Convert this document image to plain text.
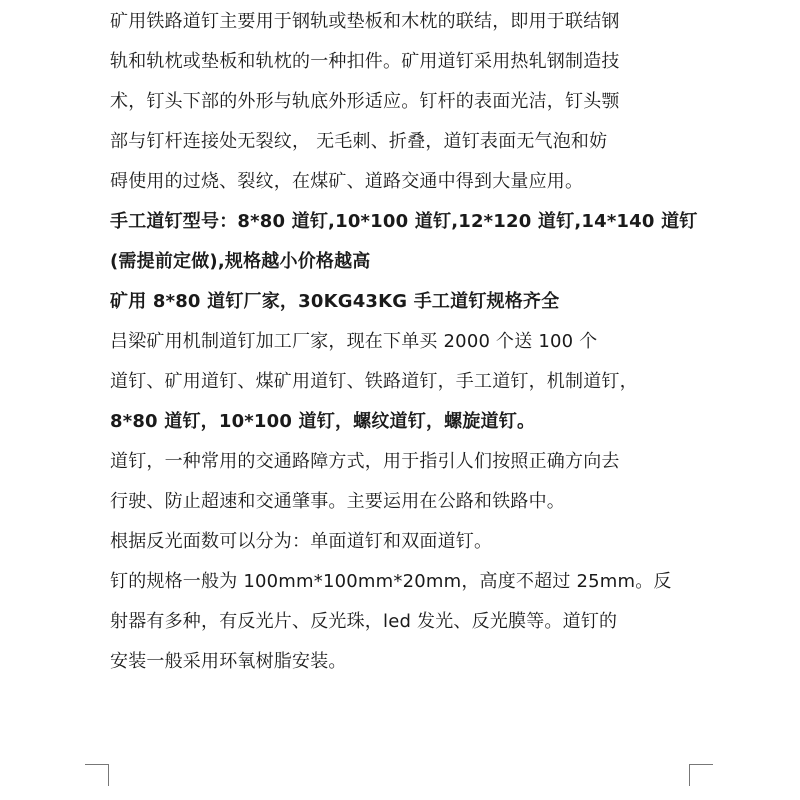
矿用铁路道钉主要用于钢轨或垫板和木枕的联结，即用于联结钢
轨和轨枕或垫板和轨枕的一种扣件。矿用道钉采用热轧钢制造技
术，钉头下部的外形与轨底外形适应。钉杆的表面光洁，钉头颚
部与钉杆连接处无裂纹， 无毛刺、折叠，道钉表面无气泡和妨
碍使用的过烧、裂纹，在煤矿、道路交通中得到大量应用。
手工道钉型号：8*80 道钉,10*100 道钉,12*120 道钉,14*140 道钉
(需提前定做),规格越小价格越高
矿用 8*80 道钉厂家，30KG43KG 手工道钉规格齐全
吕梁矿用机制道钉加工厂家，现在下单买 2000 个送 100 个
道钉、矿用道钉、煤矿用道钉、铁路道钉，手工道钉，机制道钉，
8*80 道钉，10*100 道钉，螺纹道钉，螺旋道钉。
道钉，一种常用的交通路障方式，用于指引人们按照正确方向去
行驶、防止超速和交通肇事。主要运用在公路和铁路中。
根据反光面数可以分为：单面道钉和双面道钉。
钉的规格一般为 100mm*100mm*20mm，高度不超过 25mm。反
射器有多种，有反光片、反光珠，led 发光、反光膜等。道钉的
安装一般采用环氧树脂安装。
